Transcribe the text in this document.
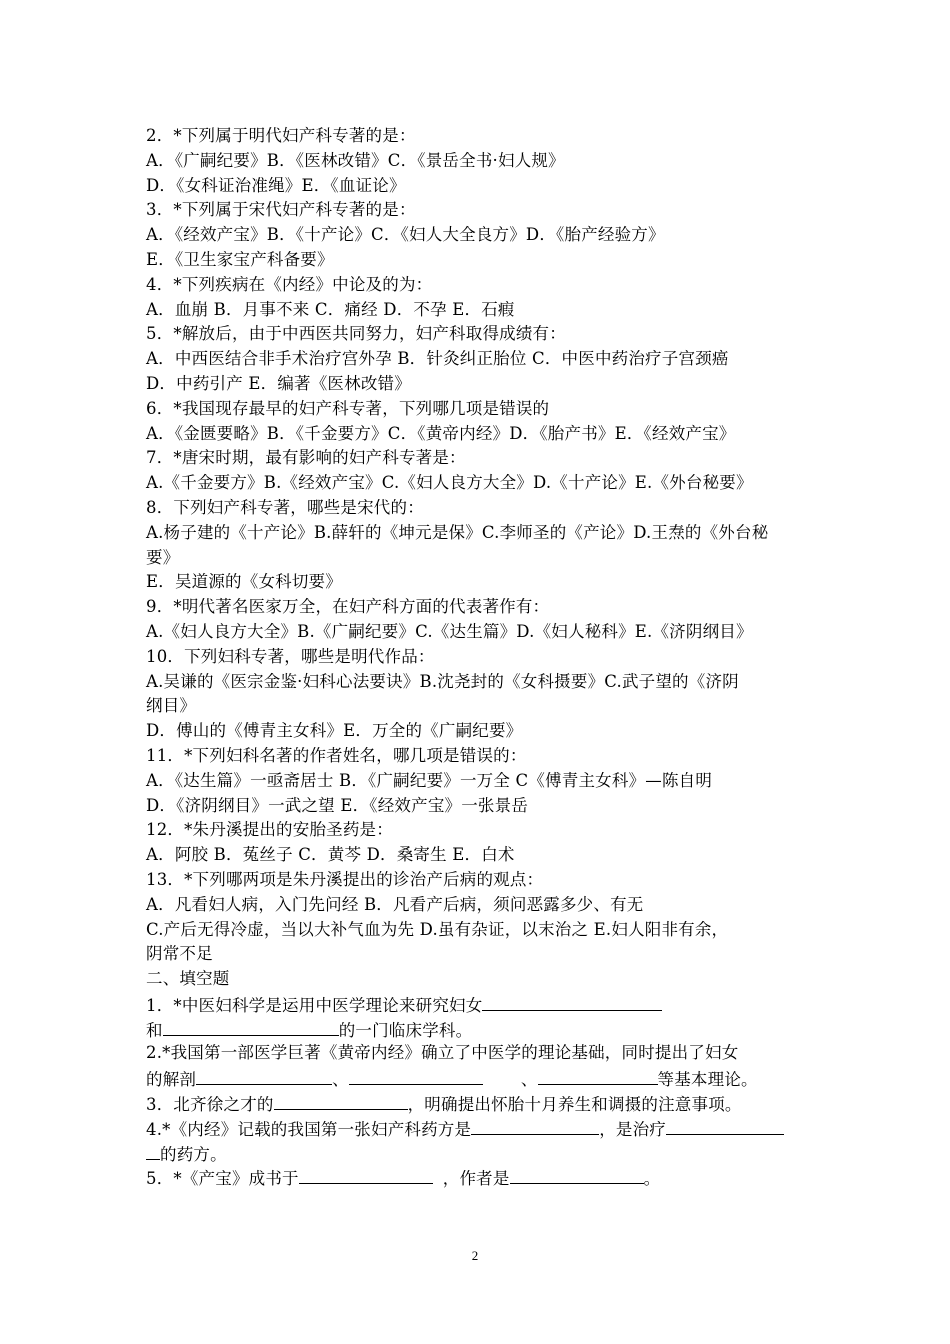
2．*下列属于明代妇产科专著的是：
A．《广嗣纪要》B．《医林改错》C．《景岳全书·妇人规》
D．《女科证治准绳》E．《血证论》
3．*下列属于宋代妇产科专著的是：
A．《经效产宝》B．《十产论》C．《妇人大全良方》D．《胎产经验方》
E．《卫生家宝产科备要》
4．*下列疾病在《内经》中论及的为：
A．血崩 B．月事不来 C．痛经 D．不孕 E．石瘕
5．*解放后，由于中西医共同努力，妇产科取得成绩有：
A．中西医结合非手术治疗宫外孕 B．针灸纠正胎位 C．中医中药治疗子宫颈癌
D．中药引产 E．编著《医林改错》
6．*我国现存最早的妇产科专著，下列哪几项是错误的
A．《金匮要略》B．《千金要方》C．《黄帝内经》D．《胎产书》E．《经效产宝》
7．*唐宋时期，最有影响的妇产科专著是：
A.《千金要方》B.《经效产宝》C.《妇人良方大全》D.《十产论》E.《外台秘要》
8．下列妇产科专著，哪些是宋代的：
A.杨子建的《十产论》B.薛轩的《坤元是保》C.李师圣的《产论》D.王焘的《外台秘
要》
E．吴道源的《女科切要》
9．*明代著名医家万全，在妇产科方面的代表著作有：
A.《妇人良方大全》B.《广嗣纪要》C.《达生篇》D.《妇人秘科》E.《济阴纲目》
10．下列妇科专著，哪些是明代作品：
A.吴谦的《医宗金鉴·妇科心法要诀》B.沈尧封的《女科摄要》C.武子望的《济阴
纲目》
D．傅山的《傅青主女科》E．万全的《广嗣纪要》
11．*下列妇科名著的作者姓名，哪几项是错误的：
A．《达生篇》一亟斋居士 B．《广嗣纪要》一万全 C《傅青主女科》—陈自明
D．《济阴纲目》一武之望 E．《经效产宝》一张景岳
12．*朱丹溪提出的安胎圣药是：
A．阿胶 B．菟丝子 C．黄芩 D．桑寄生 E．白术
13．*下列哪两项是朱丹溪提出的诊治产后病的观点：
A．凡看妇人病，入门先问经 B．凡看产后病，须问恶露多少、有无
C.产后无得冷虚，当以大补气血为先 D.虽有杂证，以末治之 E.妇人阳非有余，
阴常不足
二、填空题
1．*中医妇科学是运用中医学理论来研究妇女
和	的一门临床学科。
2.*我国第一部医学巨著《黄帝内经》确立了中医学的理论基础，同时提出了妇女
的解剖	、	、	等基本理论。
3．北齐徐之才的	，明确提出怀胎十月养生和调摄的注意事项。
4.*《内经》记载的我国第一张妇产科药方是	，是治疗
的药方。
5．*《产宝》成书于	，作者是	。
2
